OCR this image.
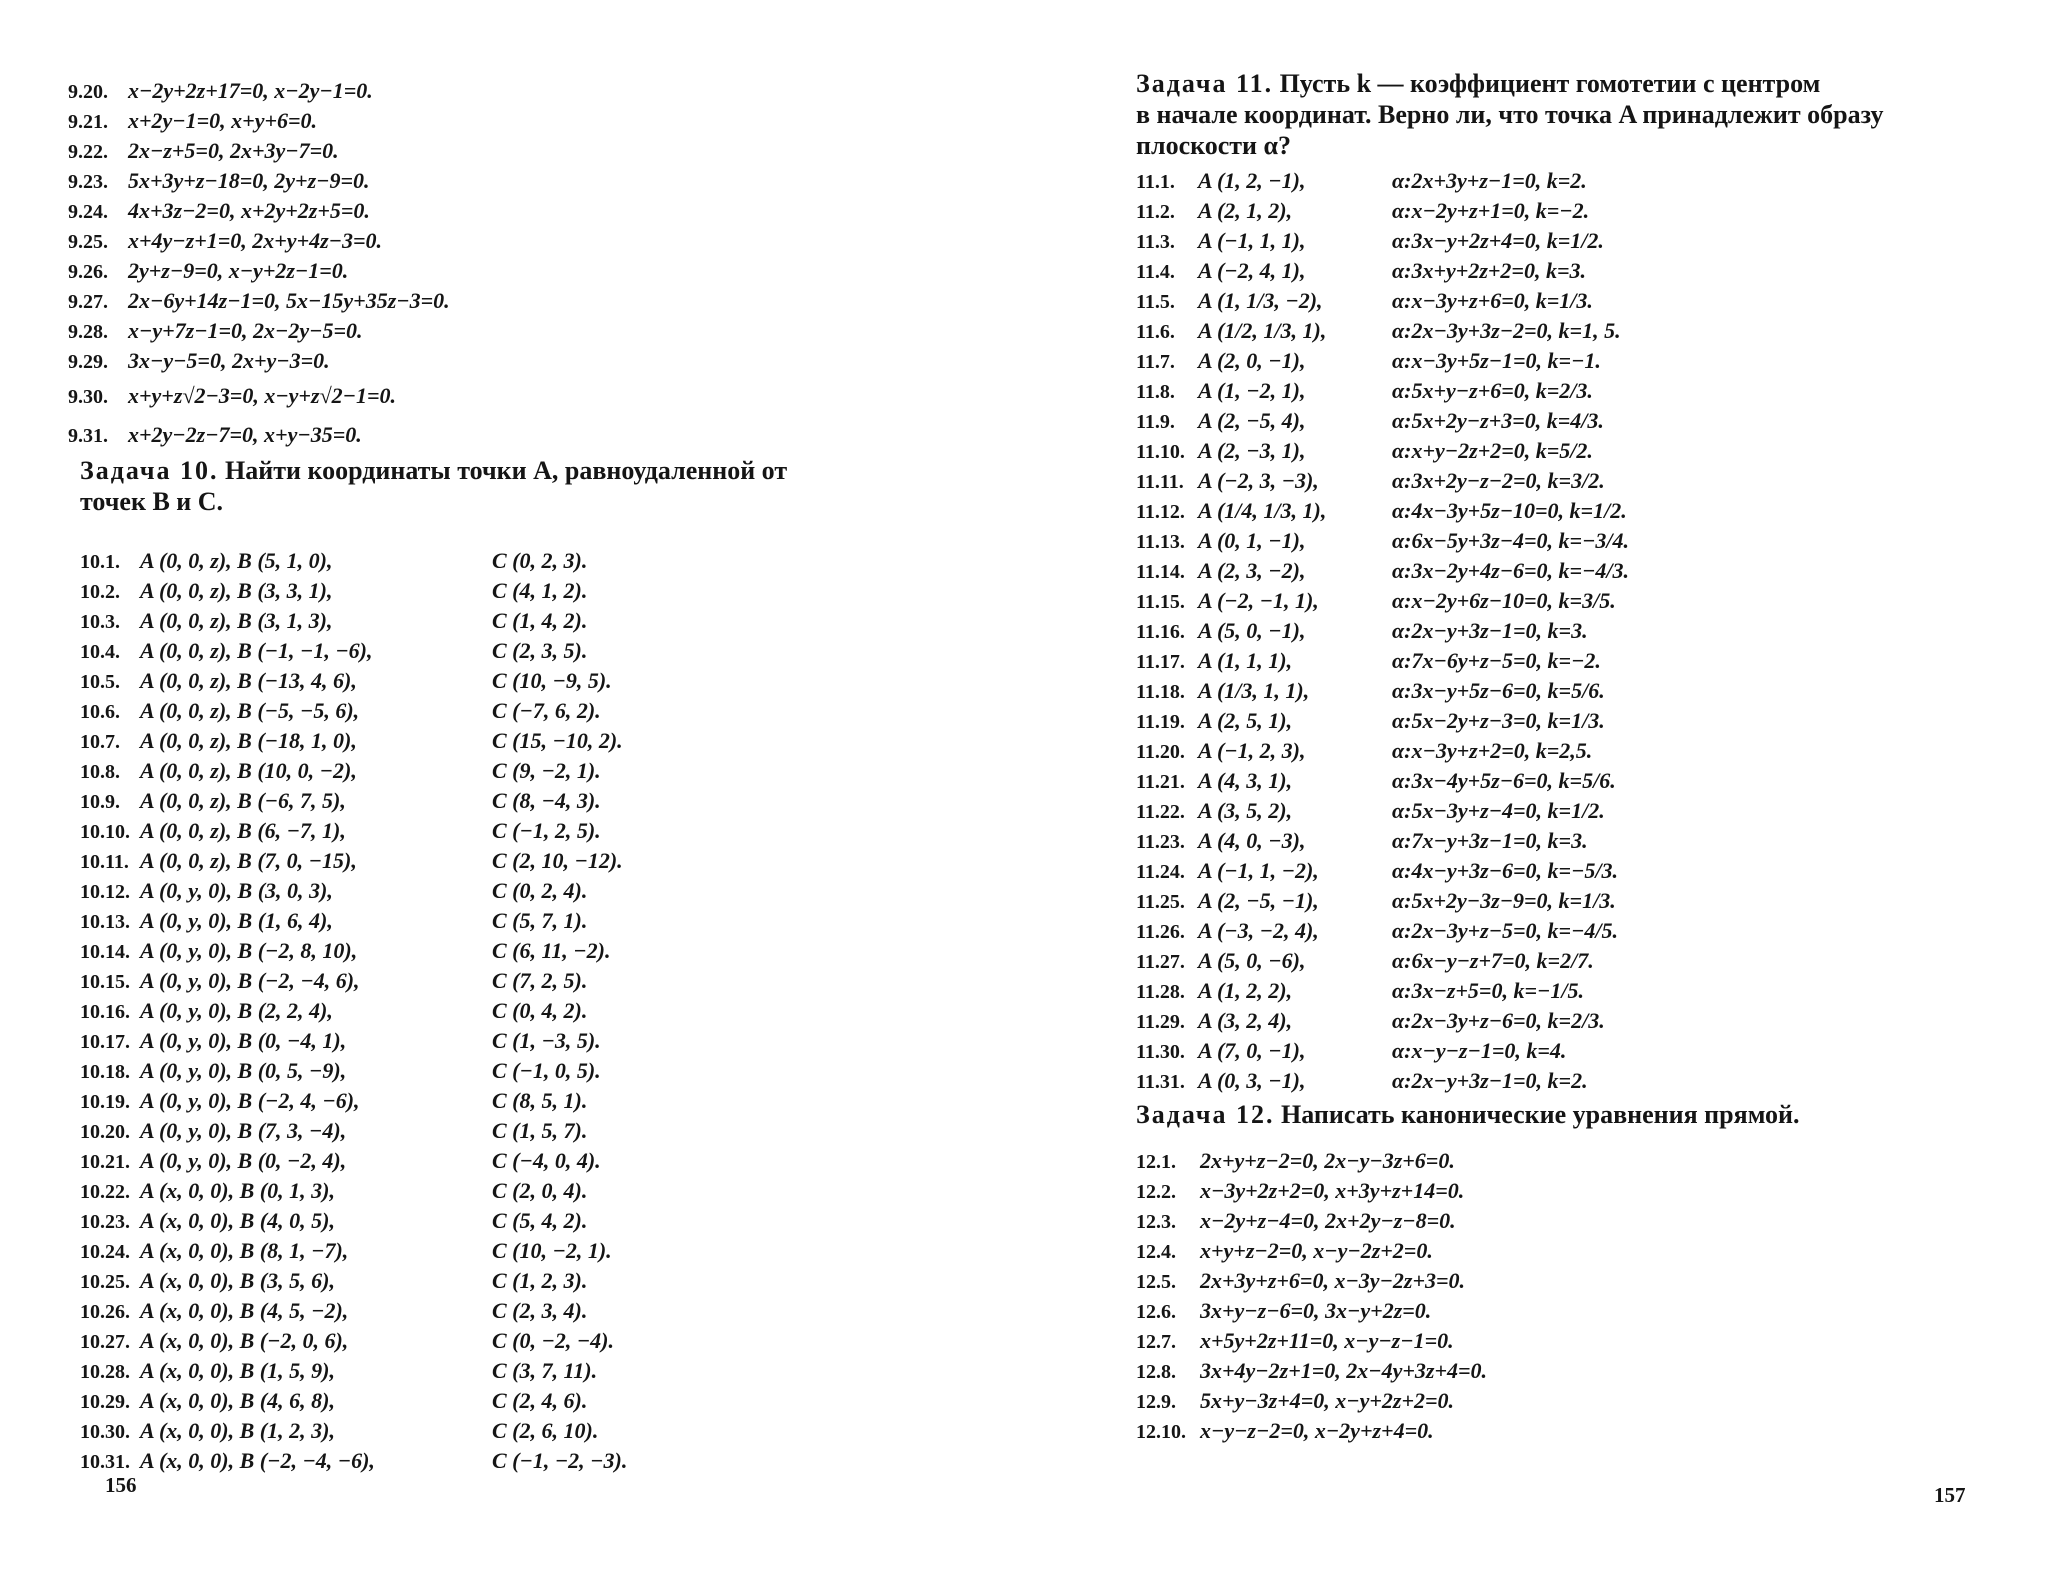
9.20. x−2y+2z+17=0, x−2y−1=0.
9.21. x+2y−1=0, x+y+6=0.
9.22. 2x−z+5=0, 2x+3y−7=0.
9.23. 5x+3y+z−18=0, 2y+z−9=0.
9.24. 4x+3z−2=0, x+2y+2z+5=0.
9.25. x+4y−z+1=0, 2x+y+4z−3=0.
9.26. 2y+z−9=0, x−y+2z−1=0.
9.27. 2x−6y+14z−1=0, 5x−15y+35z−3=0.
9.28. x−y+7z−1=0, 2x−2y−5=0.
9.29. 3x−y−5=0, 2x+y−3=0.
9.30. x+y+z√2−3=0, x−y+z√2−1=0.
9.31. x+2y−2z−7=0, x+y−35=0.
Задача 10. Найти координаты точки A, равноудаленной от
точек B и C.
10.1. A (0, 0, z), B (5, 1, 0),	C (0, 2, 3).
10.2. A (0, 0, z), B (3, 3, 1),	C (4, 1, 2).
10.3. A (0, 0, z), B (3, 1, 3),	C (1, 4, 2).
10.4. A (0, 0, z), B (−1, −1, −6),	C (2, 3, 5).
10.5. A (0, 0, z), B (−13, 4, 6),	C (10, −9, 5).
10.6. A (0, 0, z), B (−5, −5, 6),	C (−7, 6, 2).
10.7. A (0, 0, z), B (−18, 1, 0),	C (15, −10, 2).
10.8. A (0, 0, z), B (10, 0, −2),	C (9, −2, 1).
10.9. A (0, 0, z), B (−6, 7, 5),	C (8, −4, 3).
10.10. A (0, 0, z), B (6, −7, 1),	C (−1, 2, 5).
10.11. A (0, 0, z), B (7, 0, −15),	C (2, 10, −12).
10.12. A (0, y, 0), B (3, 0, 3),	C (0, 2, 4).
10.13. A (0, y, 0), B (1, 6, 4),	C (5, 7, 1).
10.14. A (0, y, 0), B (−2, 8, 10),	C (6, 11, −2).
10.15. A (0, y, 0), B (−2, −4, 6),	C (7, 2, 5).
10.16. A (0, y, 0), B (2, 2, 4),	C (0, 4, 2).
10.17. A (0, y, 0), B (0, −4, 1),	C (1, −3, 5).
10.18. A (0, y, 0), B (0, 5, −9),	C (−1, 0, 5).
10.19. A (0, y, 0), B (−2, 4, −6),	C (8, 5, 1).
10.20. A (0, y, 0), B (7, 3, −4),	C (1, 5, 7).
10.21. A (0, y, 0), B (0, −2, 4),	C (−4, 0, 4).
10.22. A (x, 0, 0), B (0, 1, 3),	C (2, 0, 4).
10.23. A (x, 0, 0), B (4, 0, 5),	C (5, 4, 2).
10.24. A (x, 0, 0), B (8, 1, −7),	C (10, −2, 1).
10.25. A (x, 0, 0), B (3, 5, 6),	C (1, 2, 3).
10.26. A (x, 0, 0), B (4, 5, −2),	C (2, 3, 4).
10.27. A (x, 0, 0), B (−2, 0, 6),	C (0, −2, −4).
10.28. A (x, 0, 0), B (1, 5, 9),	C (3, 7, 11).
10.29. A (x, 0, 0), B (4, 6, 8),	C (2, 4, 6).
10.30. A (x, 0, 0), B (1, 2, 3),	C (2, 6, 10).
10.31. A (x, 0, 0), B (−2, −4, −6),	C (−1, −2, −3).
156
Задача 11. Пусть k — коэффициент гомотетии с центром
в начале координат. Верно ли, что точка A принадлежит образу
плоскости α?
11.1. A (1, 2, −1),	α:2x+3y+z−1=0, k=2.
11.2. A (2, 1, 2),	α:x−2y+z+1=0, k=−2.
11.3. A (−1, 1, 1),	α:3x−y+2z+4=0, k=1/2.
11.4. A (−2, 4, 1),	α:3x+y+2z+2=0, k=3.
11.5. A (1, 1/3, −2),	α:x−3y+z+6=0, k=1/3.
11.6. A (1/2, 1/3, 1),	α:2x−3y+3z−2=0, k=1, 5.
11.7. A (2, 0, −1),	α:x−3y+5z−1=0, k=−1.
11.8. A (1, −2, 1),	α:5x+y−z+6=0, k=2/3.
11.9. A (2, −5, 4),	α:5x+2y−z+3=0, k=4/3.
11.10. A (2, −3, 1),	α:x+y−2z+2=0, k=5/2.
11.11. A (−2, 3, −3),	α:3x+2y−z−2=0, k=3/2.
11.12. A (1/4, 1/3, 1),	α:4x−3y+5z−10=0, k=1/2.
11.13. A (0, 1, −1),	α:6x−5y+3z−4=0, k=−3/4.
11.14. A (2, 3, −2),	α:3x−2y+4z−6=0, k=−4/3.
11.15. A (−2, −1, 1),	α:x−2y+6z−10=0, k=3/5.
11.16. A (5, 0, −1),	α:2x−y+3z−1=0, k=3.
11.17. A (1, 1, 1),	α:7x−6y+z−5=0, k=−2.
11.18. A (1/3, 1, 1),	α:3x−y+5z−6=0, k=5/6.
11.19. A (2, 5, 1),	α:5x−2y+z−3=0, k=1/3.
11.20. A (−1, 2, 3),	α:x−3y+z+2=0, k=2,5.
11.21. A (4, 3, 1),	α:3x−4y+5z−6=0, k=5/6.
11.22. A (3, 5, 2),	α:5x−3y+z−4=0, k=1/2.
11.23. A (4, 0, −3),	α:7x−y+3z−1=0, k=3.
11.24. A (−1, 1, −2),	α:4x−y+3z−6=0, k=−5/3.
11.25. A (2, −5, −1),	α:5x+2y−3z−9=0, k=1/3.
11.26. A (−3, −2, 4),	α:2x−3y+z−5=0, k=−4/5.
11.27. A (5, 0, −6),	α:6x−y−z+7=0, k=2/7.
11.28. A (1, 2, 2),	α:3x−z+5=0, k=−1/5.
11.29. A (3, 2, 4),	α:2x−3y+z−6=0, k=2/3.
11.30. A (7, 0, −1),	α:x−y−z−1=0, k=4.
11.31. A (0, 3, −1),	α:2x−y+3z−1=0, k=2.
Задача 12. Написать канонические уравнения прямой.
12.1. 2x+y+z−2=0, 2x−y−3z+6=0.
12.2. x−3y+2z+2=0, x+3y+z+14=0.
12.3. x−2y+z−4=0, 2x+2y−z−8=0.
12.4. x+y+z−2=0, x−y−2z+2=0.
12.5. 2x+3y+z+6=0, x−3y−2z+3=0.
12.6. 3x+y−z−6=0, 3x−y+2z=0.
12.7. x+5y+2z+11=0, x−y−z−1=0.
12.8. 3x+4y−2z+1=0, 2x−4y+3z+4=0.
12.9. 5x+y−3z+4=0, x−y+2z+2=0.
12.10. x−y−z−2=0, x−2y+z+4=0.
157
